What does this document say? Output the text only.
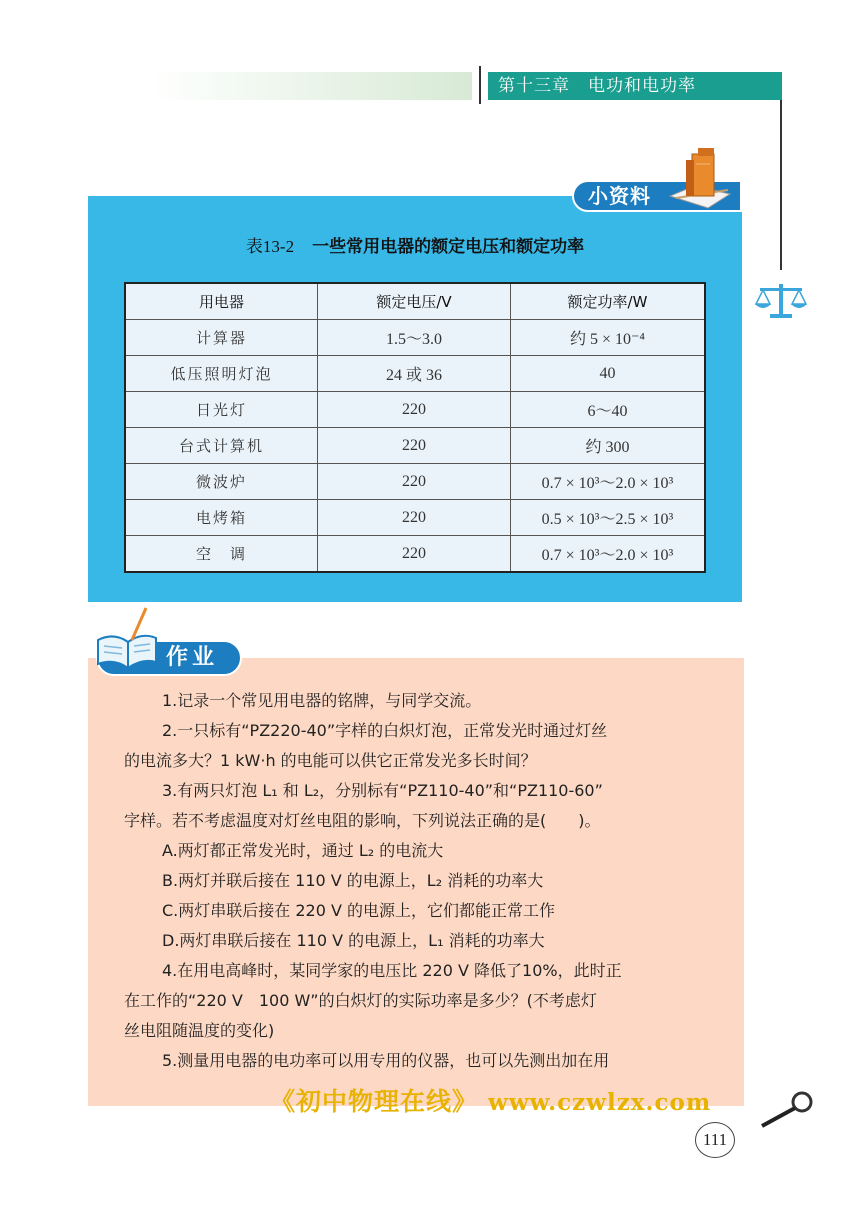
第十三章　电功和电功率
小资料
表13-2 一些常用电器的额定电压和额定功率
用电器	额定电压/V	额定功率/W
计算器	1.5～3.0	约 5 × 10⁻⁴
低压照明灯泡	24 或 36	40
日光灯	220	6～40
台式计算机	220	约 300
微波炉	220	0.7 × 10³～2.0 × 10³
电烤箱	220	0.5 × 10³～2.5 × 10³
空　调	220	0.7 × 10³～2.0 × 10³
作业

1.记录一个常见用电器的铭牌，与同学交流。

2.一只标有“PZ220-40”字样的白炽灯泡，正常发光时通过灯丝

的电流多大？1 kW·h 的电能可以供它正常发光多长时间？

3.有两只灯泡 L₁ 和 L₂，分别标有“PZ110-40”和“PZ110-60”

字样。若不考虑温度对灯丝电阻的影响，下列说法正确的是(　　)。

A.两灯都正常发光时，通过 L₂ 的电流大

B.两灯并联后接在 110 V 的电源上，L₂ 消耗的功率大

C.两灯串联后接在 220 V 的电源上，它们都能正常工作

D.两灯串联后接在 110 V 的电源上，L₁ 消耗的功率大

4.在用电高峰时，某同学家的电压比 220 V 降低了10%，此时正

在工作的“220 V　100 W”的白炽灯的实际功率是多少？(不考虑灯

丝电阻随温度的变化)

5.测量用电器的电功率可以用专用的仪器，也可以先测出加在用

《初中物理在线》 www.czwlzx.com
111
